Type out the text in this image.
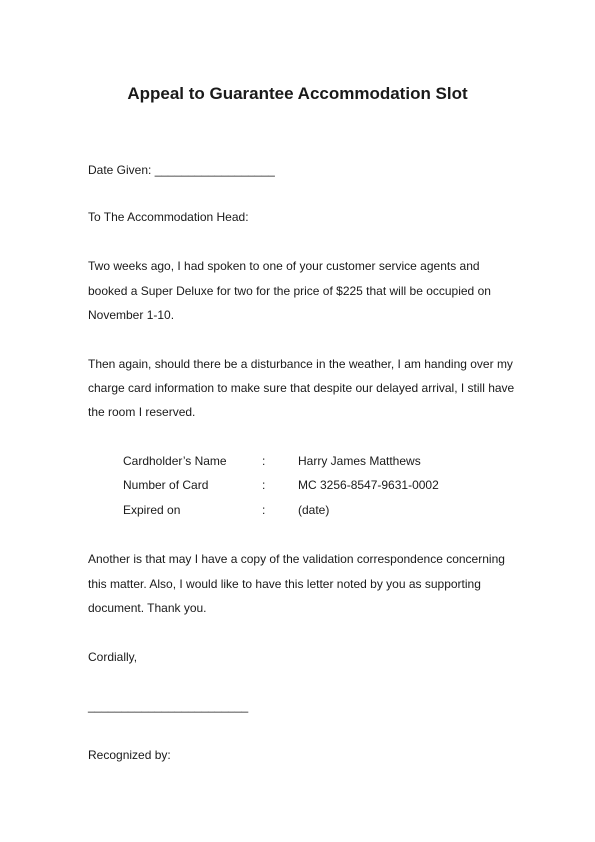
Appeal to Guarantee Accommodation Slot
Date Given: __________________
To The Accommodation Head:
Two weeks ago, I had spoken to one of your customer service agents and
booked a Super Deluxe for two for the price of $225 that will be occupied on
November 1-10.
Then again, should there be a disturbance in the weather, I am handing over my
charge card information to make sure that despite our delayed arrival, I still have
the room I reserved.
Cardholder’s Name	:	Harry James Matthews
Number of Card	:	MC 3256-8547-9631-0002
Expired on	:	(date)
Another is that may I have a copy of the validation correspondence concerning
this matter. Also, I would like to have this letter noted by you as supporting
document. Thank you.
Cordially,
________________________
Recognized by:
